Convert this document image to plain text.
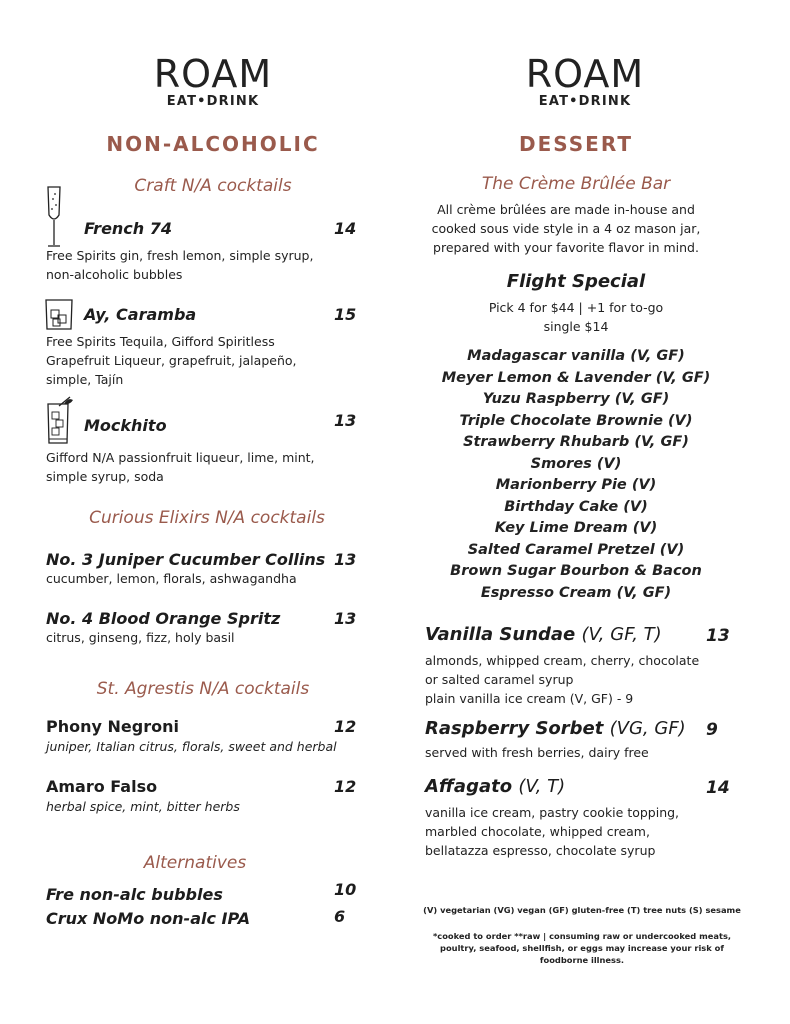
ROAM
EAT•DRINK
ROAM
EAT•DRINK
NON-ALCOHOLIC
Craft N/A cocktails
French 74	14
Free Spirits gin, fresh lemon, simple syrup,
non-alcoholic bubbles
Ay, Caramba	15
Free Spirits Tequila, Gifford Spiritless
Grapefruit Liqueur, grapefruit, jalapeño,
simple, Tajín
Mockhito	13
Gifford N/A passionfruit liqueur, lime, mint,
simple syrup, soda
Curious Elixirs N/A cocktails
No. 3 Juniper Cucumber Collins 13
cucumber, lemon, florals, ashwagandha
No. 4 Blood Orange Spritz	13
citrus, ginseng, fizz, holy basil
St. Agrestis N/A cocktails
Phony Negroni	12
juniper, Italian citrus, florals, sweet and herbal
Amaro Falso	12
herbal spice, mint, bitter herbs
Alternatives
Fre non-alc bubbles	10
Crux NoMo non-alc IPA	6
DESSERT
The Crème Brûlée Bar
All crème brûlées are made in-house and
cooked sous vide style in a 4 oz mason jar,
prepared with your favorite flavor in mind.
Flight Special
Pick 4 for $44 | +1 for to-go
single $14
Madagascar vanilla (V, GF)
Meyer Lemon & Lavender (V, GF)
Yuzu Raspberry (V, GF)
Triple Chocolate Brownie (V)
Strawberry Rhubarb (V, GF)
Smores (V)
Marionberry Pie (V)
Birthday Cake (V)
Key Lime Dream (V)
Salted Caramel Pretzel (V)
Brown Sugar Bourbon & Bacon
Espresso Cream (V, GF)
Vanilla Sundae (V, GF, T)	13
almonds, whipped cream, cherry, chocolate
or salted caramel syrup
plain vanilla ice cream (V, GF) - 9
Raspberry Sorbet (VG, GF) 9
served with fresh berries, dairy free
Affagato (V, T)	14
vanilla ice cream, pastry cookie topping,
marbled chocolate, whipped cream,
bellatazza espresso, chocolate syrup
(V) vegetarian (VG) vegan (GF) gluten-free (T) tree nuts (S) sesame
*cooked to order **raw | consuming raw or undercooked meats,
poultry, seafood, shellfish, or eggs may increase your risk of
foodborne illness.
